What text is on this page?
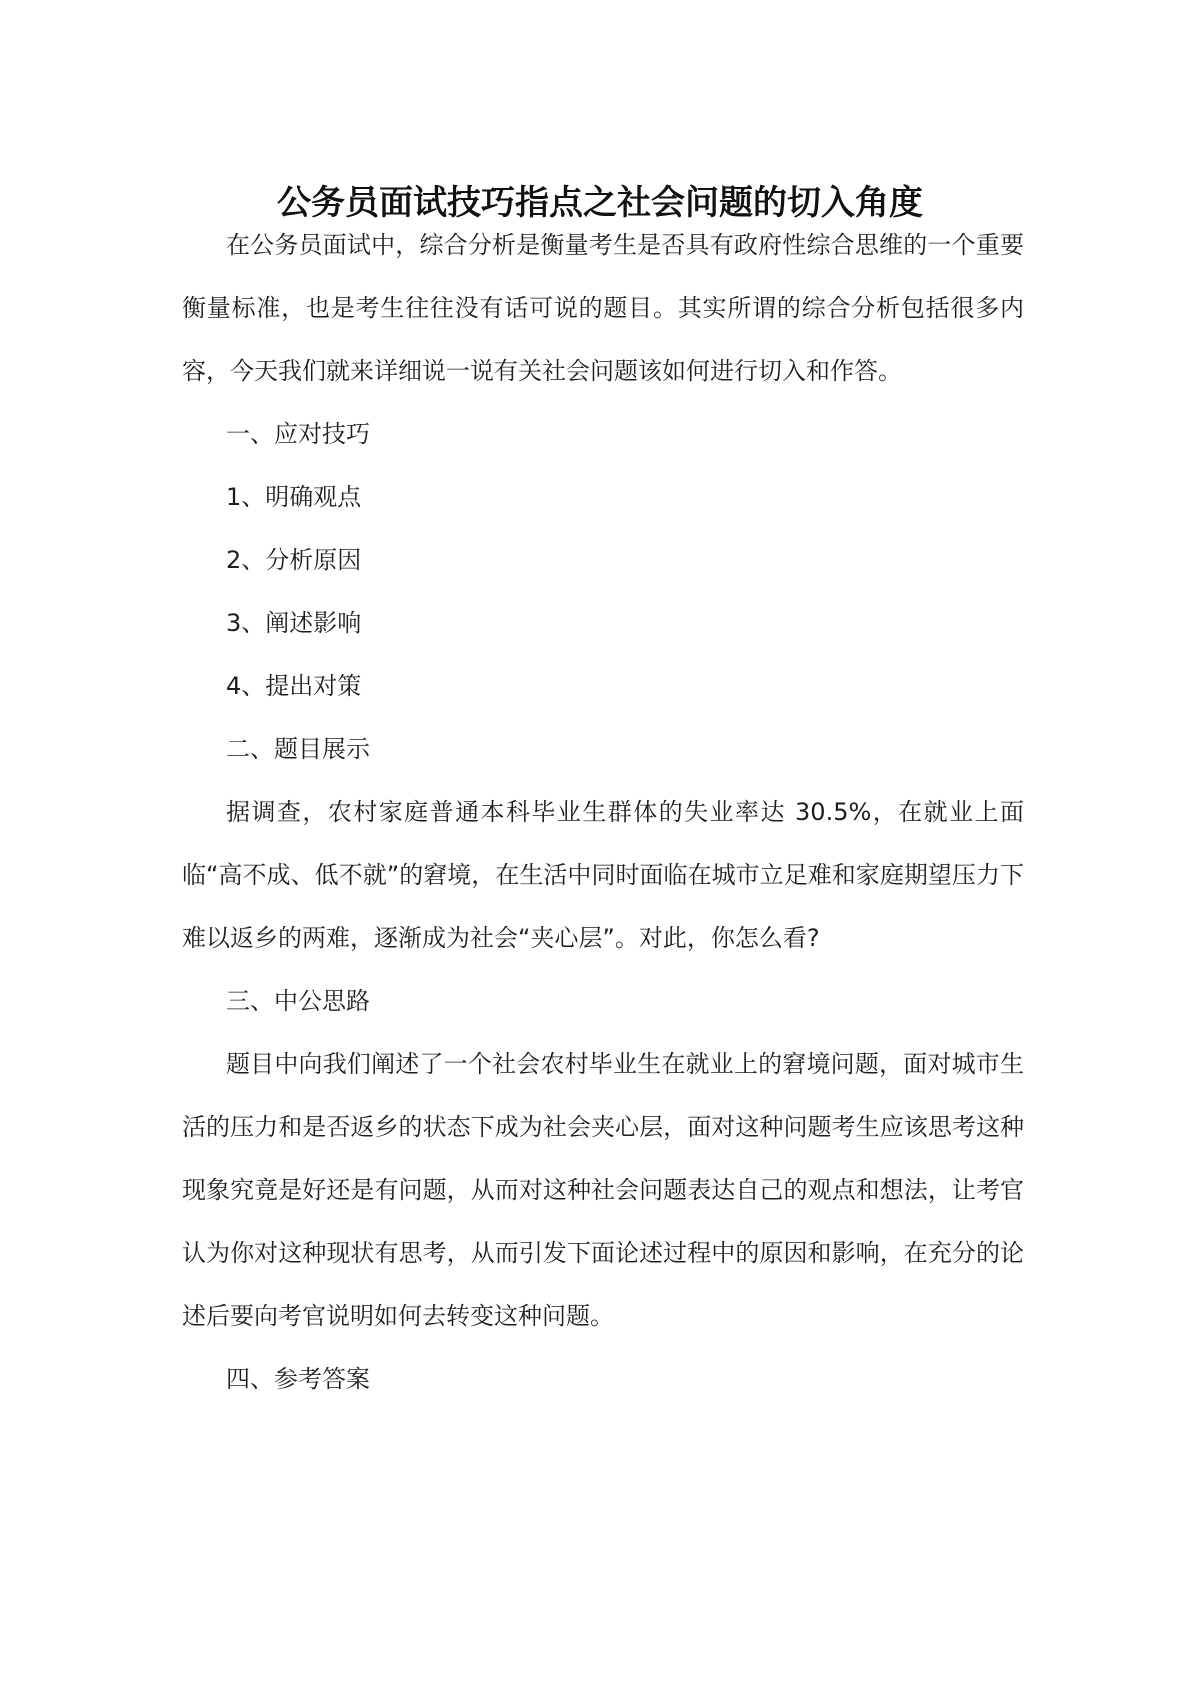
公务员面试技巧指点之社会问题的切入角度

在公务员面试中，综合分析是衡量考生是否具有政府性综合思维的一个重要衡量标准，也是考生往往没有话可说的题目。其实所谓的综合分析包括很多内容，今天我们就来详细说一说有关社会问题该如何进行切入和作答。

一、应对技巧

1、明确观点

2、分析原因

3、阐述影响

4、提出对策

二、题目展示

据调查，农村家庭普通本科毕业生群体的失业率达 30.5%，在就业上面临“高不成、低不就”的窘境，在生活中同时面临在城市立足难和家庭期望压力下难以返乡的两难，逐渐成为社会“夹心层”。对此，你怎么看?

三、中公思路

题目中向我们阐述了一个社会农村毕业生在就业上的窘境问题，面对城市生活的压力和是否返乡的状态下成为社会夹心层，面对这种问题考生应该思考这种现象究竟是好还是有问题，从而对这种社会问题表达自己的观点和想法，让考官认为你对这种现状有思考，从而引发下面论述过程中的原因和影响，在充分的论述后要向考官说明如何去转变这种问题。

四、参考答案
